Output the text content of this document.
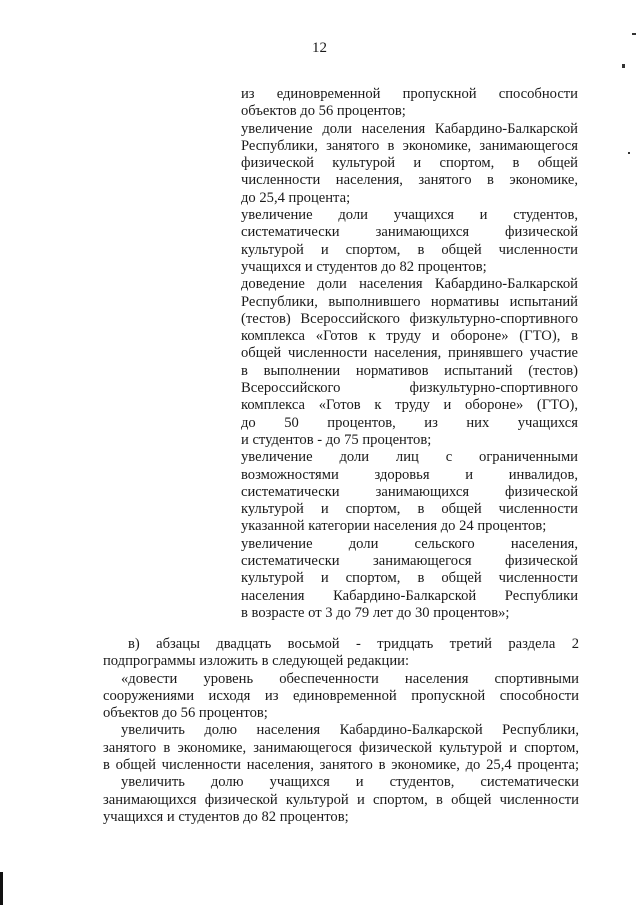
12
из единовременной пропускной способности
объектов до 56 процентов;
увеличение доли населения Кабардино-Балкарской
Республики, занятого в экономике, занимающегося
физической культурой и спортом, в общей
численности населения, занятого в экономике,
до 25,4 процента;
увеличение доли учащихся и студентов,
систематически занимающихся физической
культурой и спортом, в общей численности
учащихся и студентов до 82 процентов;
доведение доли населения Кабардино-Балкарской
Республики, выполнившего нормативы испытаний
(тестов) Всероссийского физкультурно-спортивного
комплекса «Готов к труду и обороне» (ГТО), в
общей численности населения, принявшего участие
в выполнении нормативов испытаний (тестов)
Всероссийского физкультурно-спортивного
комплекса «Готов к труду и обороне» (ГТО),
до 50 процентов, из них учащихся
и студентов - до 75 процентов;
увеличение доли лиц с ограниченными
возможностями здоровья и инвалидов,
систематически занимающихся физической
культурой и спортом, в общей численности
указанной категории населения до 24 процентов;
увеличение доли сельского населения,
систематически занимающегося физической
культурой и спортом, в общей численности
населения Кабардино-Балкарской Республики
в возрасте от 3 до 79 лет до 30 процентов»;
в) абзацы двадцать восьмой - тридцать третий раздела 2
подпрограммы изложить в следующей редакции:
«довести уровень обеспеченности населения спортивными
сооружениями исходя из единовременной пропускной способности
объектов до 56 процентов;
увеличить долю населения Кабардино-Балкарской Республики,
занятого в экономике, занимающегося физической культурой и спортом,
в общей численности населения, занятого в экономике, до 25,4 процента;
увеличить долю учащихся и студентов, систематически
занимающихся физической культурой и спортом, в общей численности
учащихся и студентов до 82 процентов;
